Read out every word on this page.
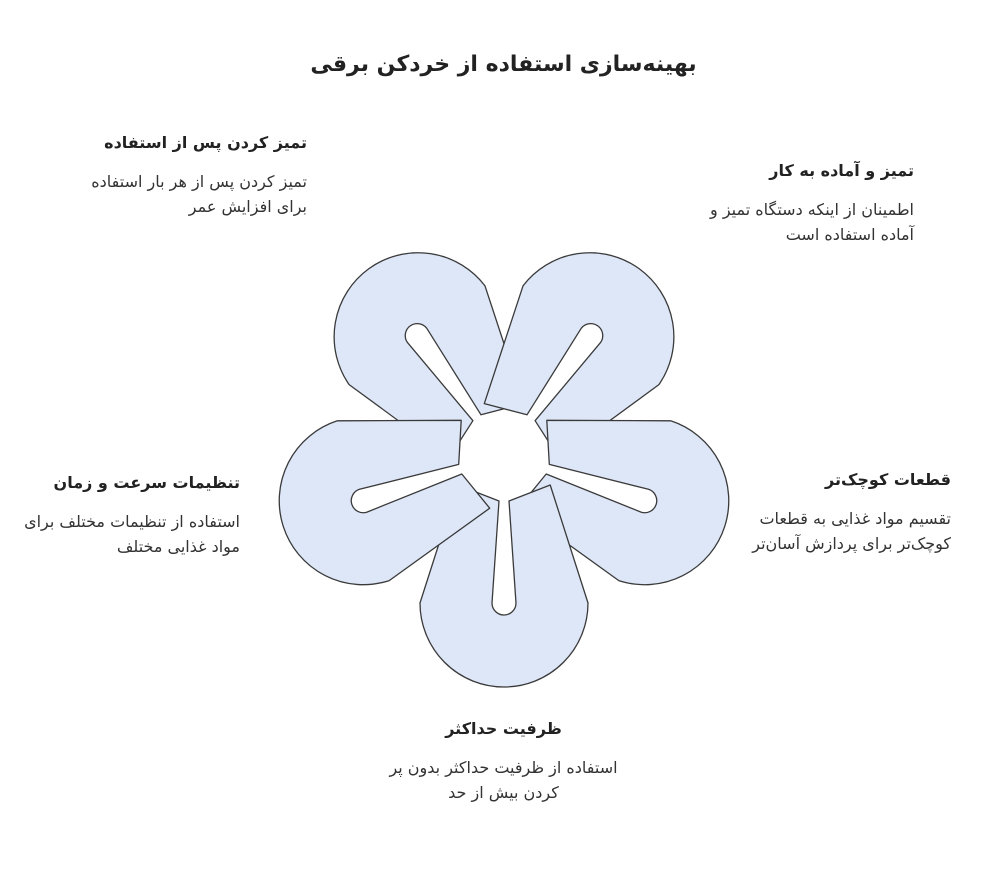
بهینه‌سازی استفاده از خردکن برقی
تمیز کردن پس از استفاده

تمیز کردن پس از هر بار استفاده برای افزایش عمر

تمیز و آماده به کار

اطمینان از اینکه دستگاه تمیز و آماده استفاده است

قطعات کوچک‌تر

تقسیم مواد غذایی به قطعات کوچک‌تر برای پردازش آسان‌تر

ظرفیت حداکثر

استفاده از ظرفیت حداکثر بدون پر کردن بیش از حد

تنظیمات سرعت و زمان

استفاده از تنظیمات مختلف برای مواد غذایی مختلف
